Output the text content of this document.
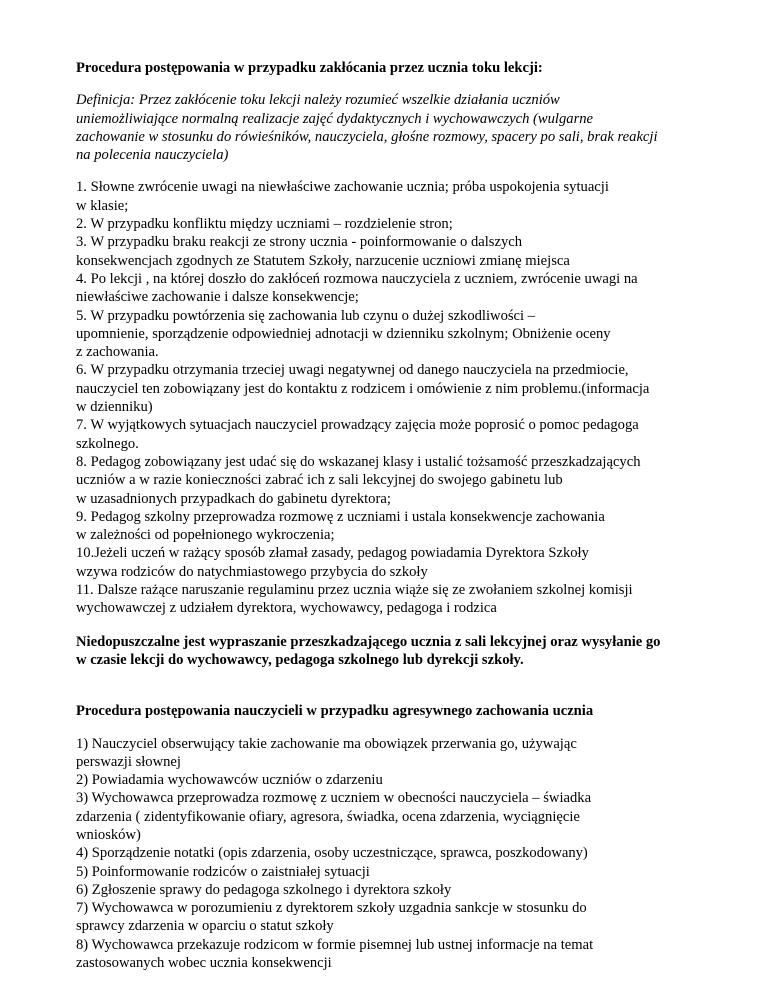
Procedura postępowania w przypadku zakłócania przez ucznia toku lekcji:
Definicja: Przez zakłócenie toku lekcji należy rozumieć wszelkie działania uczniów
uniemożliwiające normalną realizacje zajęć dydaktycznych i wychowawczych (wulgarne
zachowanie w stosunku do rówieśników, nauczyciela, głośne rozmowy, spacery po sali, brak reakcji
na polecenia nauczyciela)
1. Słowne zwrócenie uwagi na niewłaściwe zachowanie ucznia; próba uspokojenia sytuacji
w klasie;
2. W przypadku konfliktu między uczniami – rozdzielenie stron;
3. W przypadku braku reakcji ze strony ucznia - poinformowanie o dalszych
konsekwencjach zgodnych ze Statutem Szkoły, narzucenie uczniowi zmianę miejsca
4. Po lekcji , na której doszło do zakłóceń rozmowa nauczyciela z uczniem, zwrócenie uwagi na
niewłaściwe zachowanie i dalsze konsekwencje;
5. W przypadku powtórzenia się zachowania lub czynu o dużej szkodliwości –
upomnienie, sporządzenie odpowiedniej adnotacji w dzienniku szkolnym; Obniżenie oceny
z zachowania.
6. W przypadku otrzymania trzeciej uwagi negatywnej od danego nauczyciela na przedmiocie,
nauczyciel ten zobowiązany jest do kontaktu z rodzicem i omówienie z nim problemu.(informacja
w dzienniku)
7. W wyjątkowych sytuacjach nauczyciel prowadzący zajęcia może poprosić o pomoc pedagoga
szkolnego.
8. Pedagog zobowiązany jest udać się do wskazanej klasy i ustalić tożsamość przeszkadzających
uczniów a w razie konieczności zabrać ich z sali lekcyjnej do swojego gabinetu lub
w uzasadnionych przypadkach do gabinetu dyrektora;
9. Pedagog szkolny przeprowadza rozmowę z uczniami i ustala konsekwencje zachowania
w zależności od popełnionego wykroczenia;
10.Jeżeli uczeń w rażący sposób złamał zasady, pedagog powiadamia Dyrektora Szkoły
wzywa rodziców do natychmiastowego przybycia do szkoły
11. Dalsze rażące naruszanie regulaminu przez ucznia wiąże się ze zwołaniem szkolnej komisji
wychowawczej z udziałem dyrektora, wychowawcy, pedagoga i rodzica
Niedopuszczalne jest wypraszanie przeszkadzającego ucznia z sali lekcyjnej oraz wysyłanie go
w czasie lekcji do wychowawcy, pedagoga szkolnego lub dyrekcji szkoły.
Procedura postępowania nauczycieli w przypadku agresywnego zachowania ucznia
1) Nauczyciel obserwujący takie zachowanie ma obowiązek przerwania go, używając
perswazji słownej
2) Powiadamia wychowawców uczniów o zdarzeniu
3) Wychowawca przeprowadza rozmowę z uczniem w obecności nauczyciela – świadka
zdarzenia ( zidentyfikowanie ofiary, agresora, świadka, ocena zdarzenia, wyciągnięcie
wniosków)
4) Sporządzenie notatki (opis zdarzenia, osoby uczestniczące, sprawca, poszkodowany)
5) Poinformowanie rodziców o zaistniałej sytuacji
6) Zgłoszenie sprawy do pedagoga szkolnego i dyrektora szkoły
7) Wychowawca w porozumieniu z dyrektorem szkoły uzgadnia sankcje w stosunku do
sprawcy zdarzenia w oparciu o statut szkoły
8) Wychowawca przekazuje rodzicom w formie pisemnej lub ustnej informacje na temat
zastosowanych wobec ucznia konsekwencji
